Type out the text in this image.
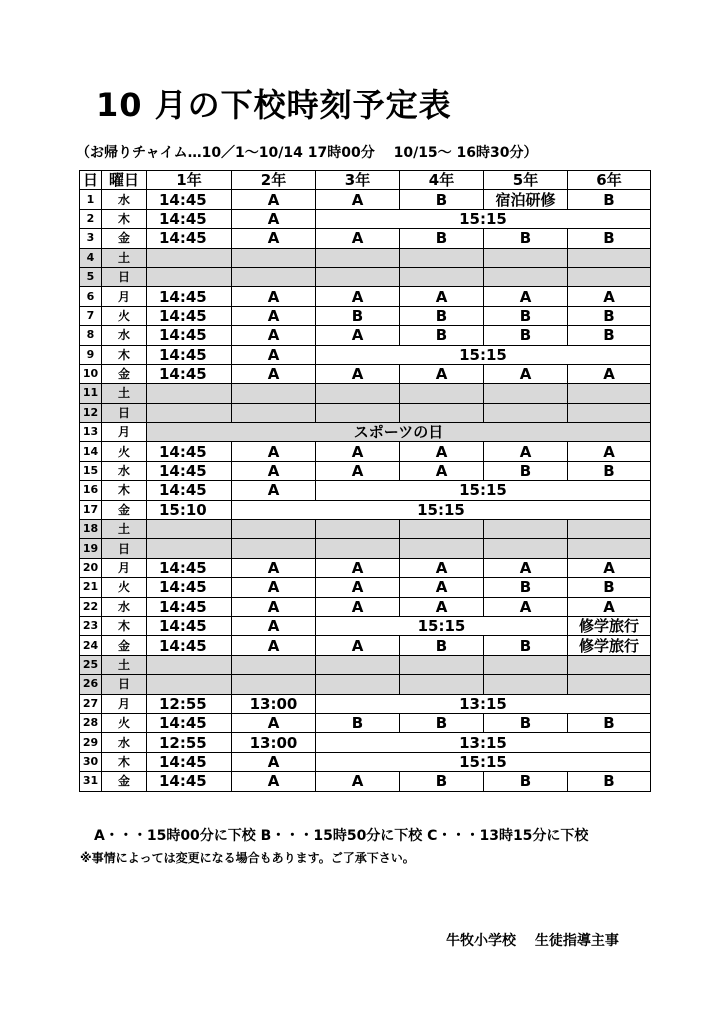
10 月の下校時刻予定表
（お帰りチャイム…10／1～10/14 17時00分　 10/15～ 16時30分）
日	曜日	1年	2年	3年	4年	5年	6年
1	水	14:45	A	A	B	宿泊研修	B
2	木	14:45	A	15:15			
3	金	14:45	A	A	B	B	B
4	土						
5	日						
6	月	14:45	A	A	A	A	A
7	火	14:45	A	B	B	B	B
8	水	14:45	A	A	B	B	B
9	木	14:45	A	15:15			
10	金	14:45	A	A	A	A	A
11	土						
12	日						
13	月	スポーツの日					
14	火	14:45	A	A	A	A	A
15	水	14:45	A	A	A	B	B
16	木	14:45	A	15:15			
17	金	15:10	15:15				
18	土						
19	日						
20	月	14:45	A	A	A	A	A
21	火	14:45	A	A	A	B	B
22	水	14:45	A	A	A	A	A
23	木	14:45	A	15:15			修学旅行
24	金	14:45	A	A	B	B	修学旅行
25	土						
26	日						
27	月	12:55	13:00	13:15			
28	火	14:45	A	B	B	B	B
29	水	12:55	13:00	13:15			
30	木	14:45	A	15:15			
31	金	14:45	A	A	B	B	B
A・・・15時00分に下校 B・・・15時50分に下校 C・・・13時15分に下校
※事情によっては変更になる場合もあります。ご了承下さい。
牛牧小学校　 生徒指導主事
